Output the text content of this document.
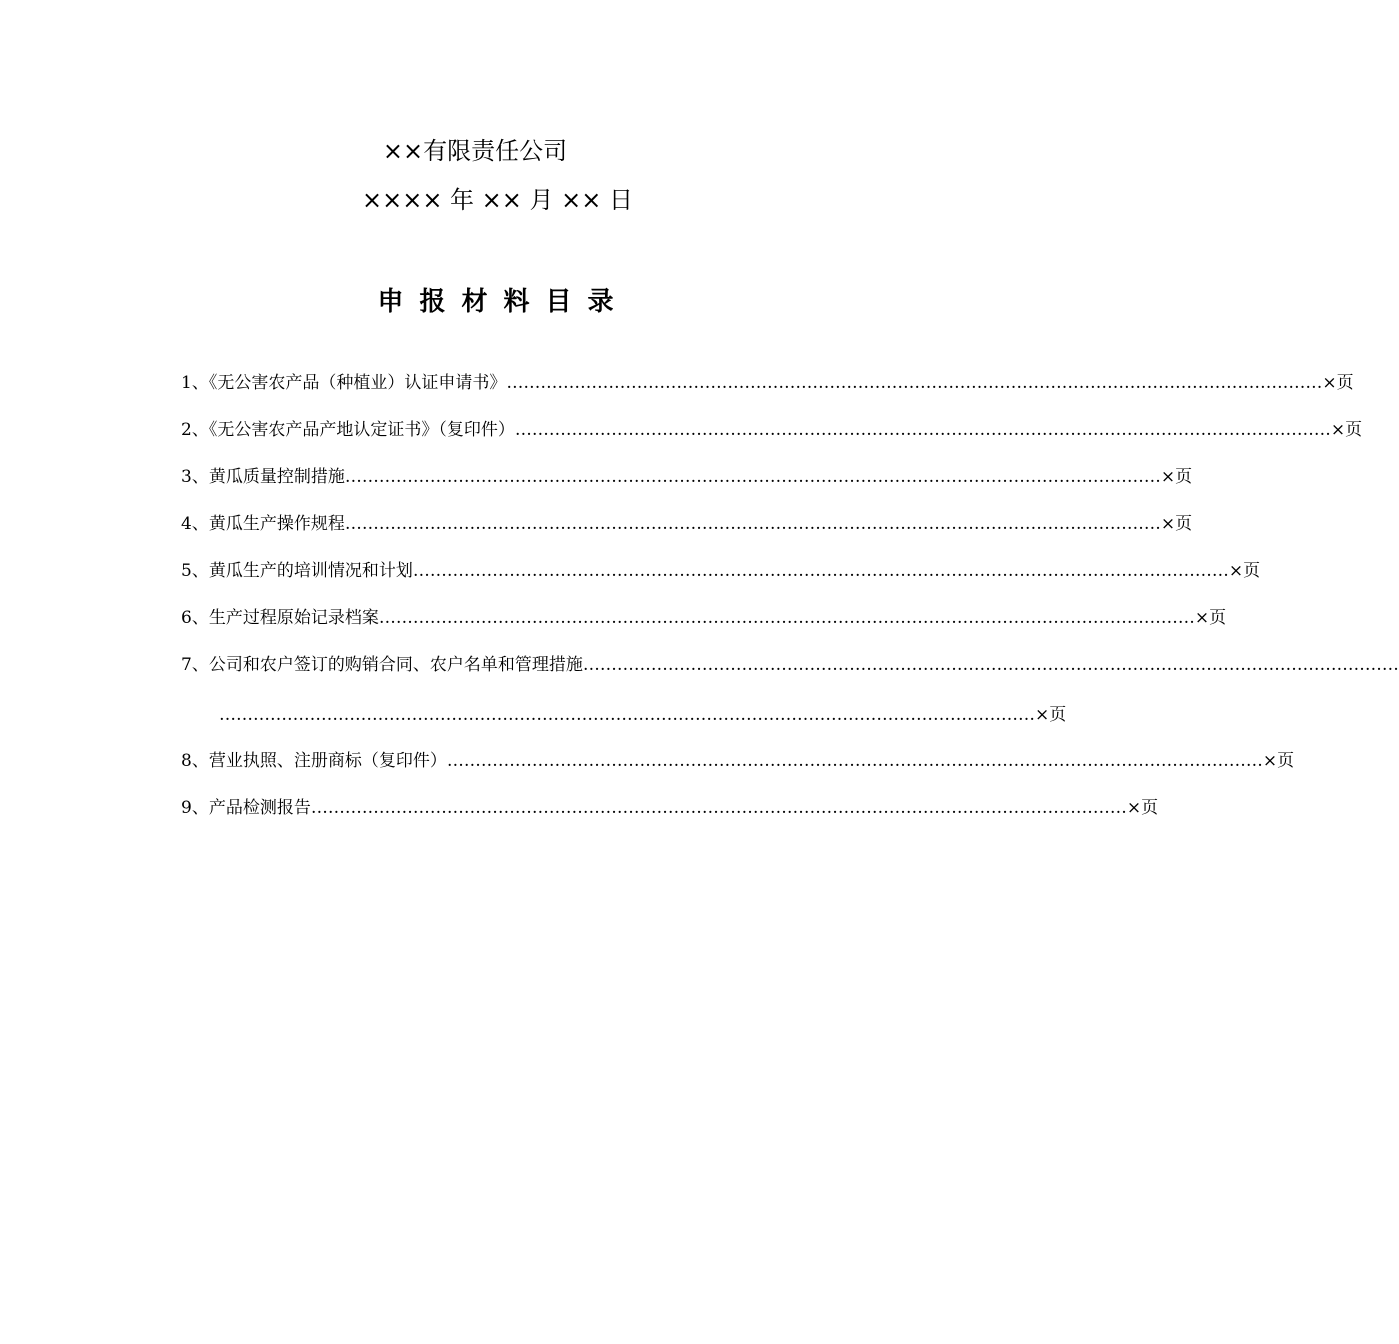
××有限责任公司
×××× 年 ×× 月 ×× 日
申报材料目录
1、《无公害农产品（种植业）认证申请书》 ……………………………………………………………………………………………………………………………… ×页
2、《无公害农产品产地认定证书》（复印件） ……………………………………………………………………………………………………………………………… ×页
3、黄瓜质量控制措施 ……………………………………………………………………………………………………………………………… ×页
4、黄瓜生产操作规程 ……………………………………………………………………………………………………………………………… ×页
5、黄瓜生产的培训情况和计划 ……………………………………………………………………………………………………………………………… ×页
6、生产过程原始记录档案 ……………………………………………………………………………………………………………………………… ×页
7、公司和农户签订的购销合同、农户名单和管理措施 ………………………………………………………………………………………………………………………………
……………………………………………………………………………………………………………………………… ×页
8、营业执照、注册商标（复印件） ……………………………………………………………………………………………………………………………… ×页
9、产品检测报告 ……………………………………………………………………………………………………………………………… ×页
